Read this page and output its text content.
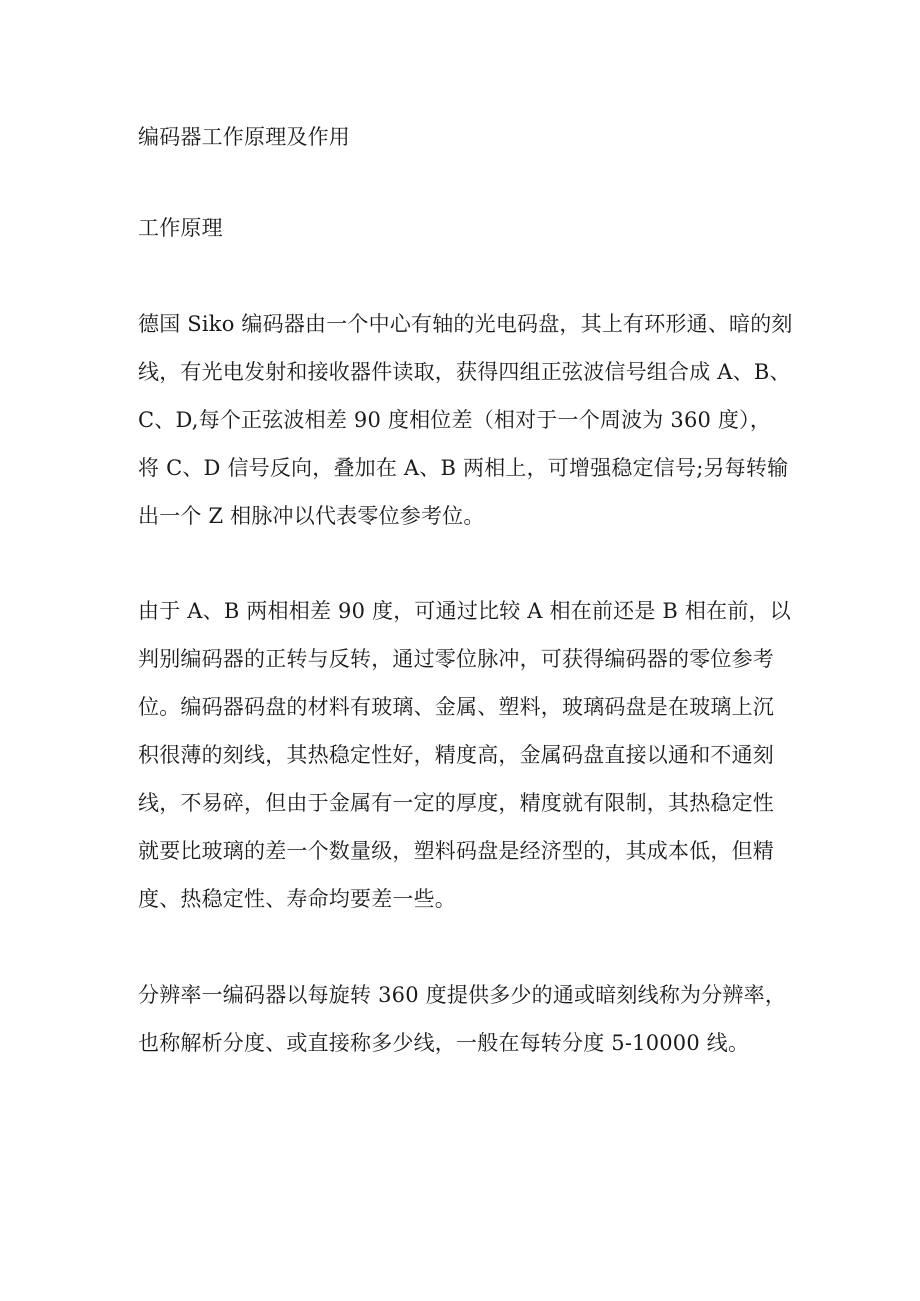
编码器工作原理及作用
工作原理
德国 Siko 编码器由一个中心有轴的光电码盘，其上有环形通、暗的刻
线，有光电发射和接收器件读取，获得四组正弦波信号组合成 A、B、
C、D,每个正弦波相差 90 度相位差（相对于一个周波为 360 度），
将 C、D 信号反向，叠加在 A、B 两相上，可增强稳定信号;另每转输
出一个 Z 相脉冲以代表零位参考位。
由于 A、B 两相相差 90 度，可通过比较 A 相在前还是 B 相在前，以
判别编码器的正转与反转，通过零位脉冲，可获得编码器的零位参考
位。编码器码盘的材料有玻璃、金属、塑料，玻璃码盘是在玻璃上沉
积很薄的刻线，其热稳定性好，精度高，金属码盘直接以通和不通刻
线，不易碎，但由于金属有一定的厚度，精度就有限制，其热稳定性
就要比玻璃的差一个数量级，塑料码盘是经济型的，其成本低，但精
度、热稳定性、寿命均要差一些。
分辨率一编码器以每旋转 360 度提供多少的通或暗刻线称为分辨率，
也称解析分度、或直接称多少线，一般在每转分度 5-10000 线。
